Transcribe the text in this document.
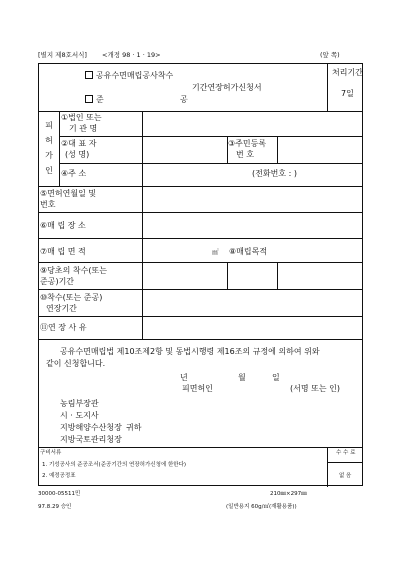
[별지 제8호서식] <개정 98 · 1 · 19>	(앞 쪽)
공유수면매립공사착수
준	공
기간연장허가신청서
처리기간
7일
피
허
가
인
①법인 또는
기 관 명
②대 표 자
(성 명)
③주민등록
번 호
④주 소	(전화번호 : )
⑤면허연월일 및
번호
⑥매 립 장 소
⑦매 립 면 적	㎡ ⑧매립목적
⑨당초의 착수(또는
준공)기간
⑩착수(또는 준공)
연장기간
⑪연 장 사 유
공유수면매립법 제10조제2항 및 동법시행령 제16조의 규정에 의하여 위와
같이 신청합니다.
년	월	일
피면허인	(서명 또는 인)
농림부장관
시 · 도지사
지방해양수산청장 귀하
지방국토관리청장
구비서류
1. 기성공사의 준공조서(준공기간의 연장허가신청에 한한다)
2. 예정공정표
수 수 료
없 음
30000-05511민
97.8.29 승인
210㎜×297㎜
(일반용지 60g/㎡(재활용품))
